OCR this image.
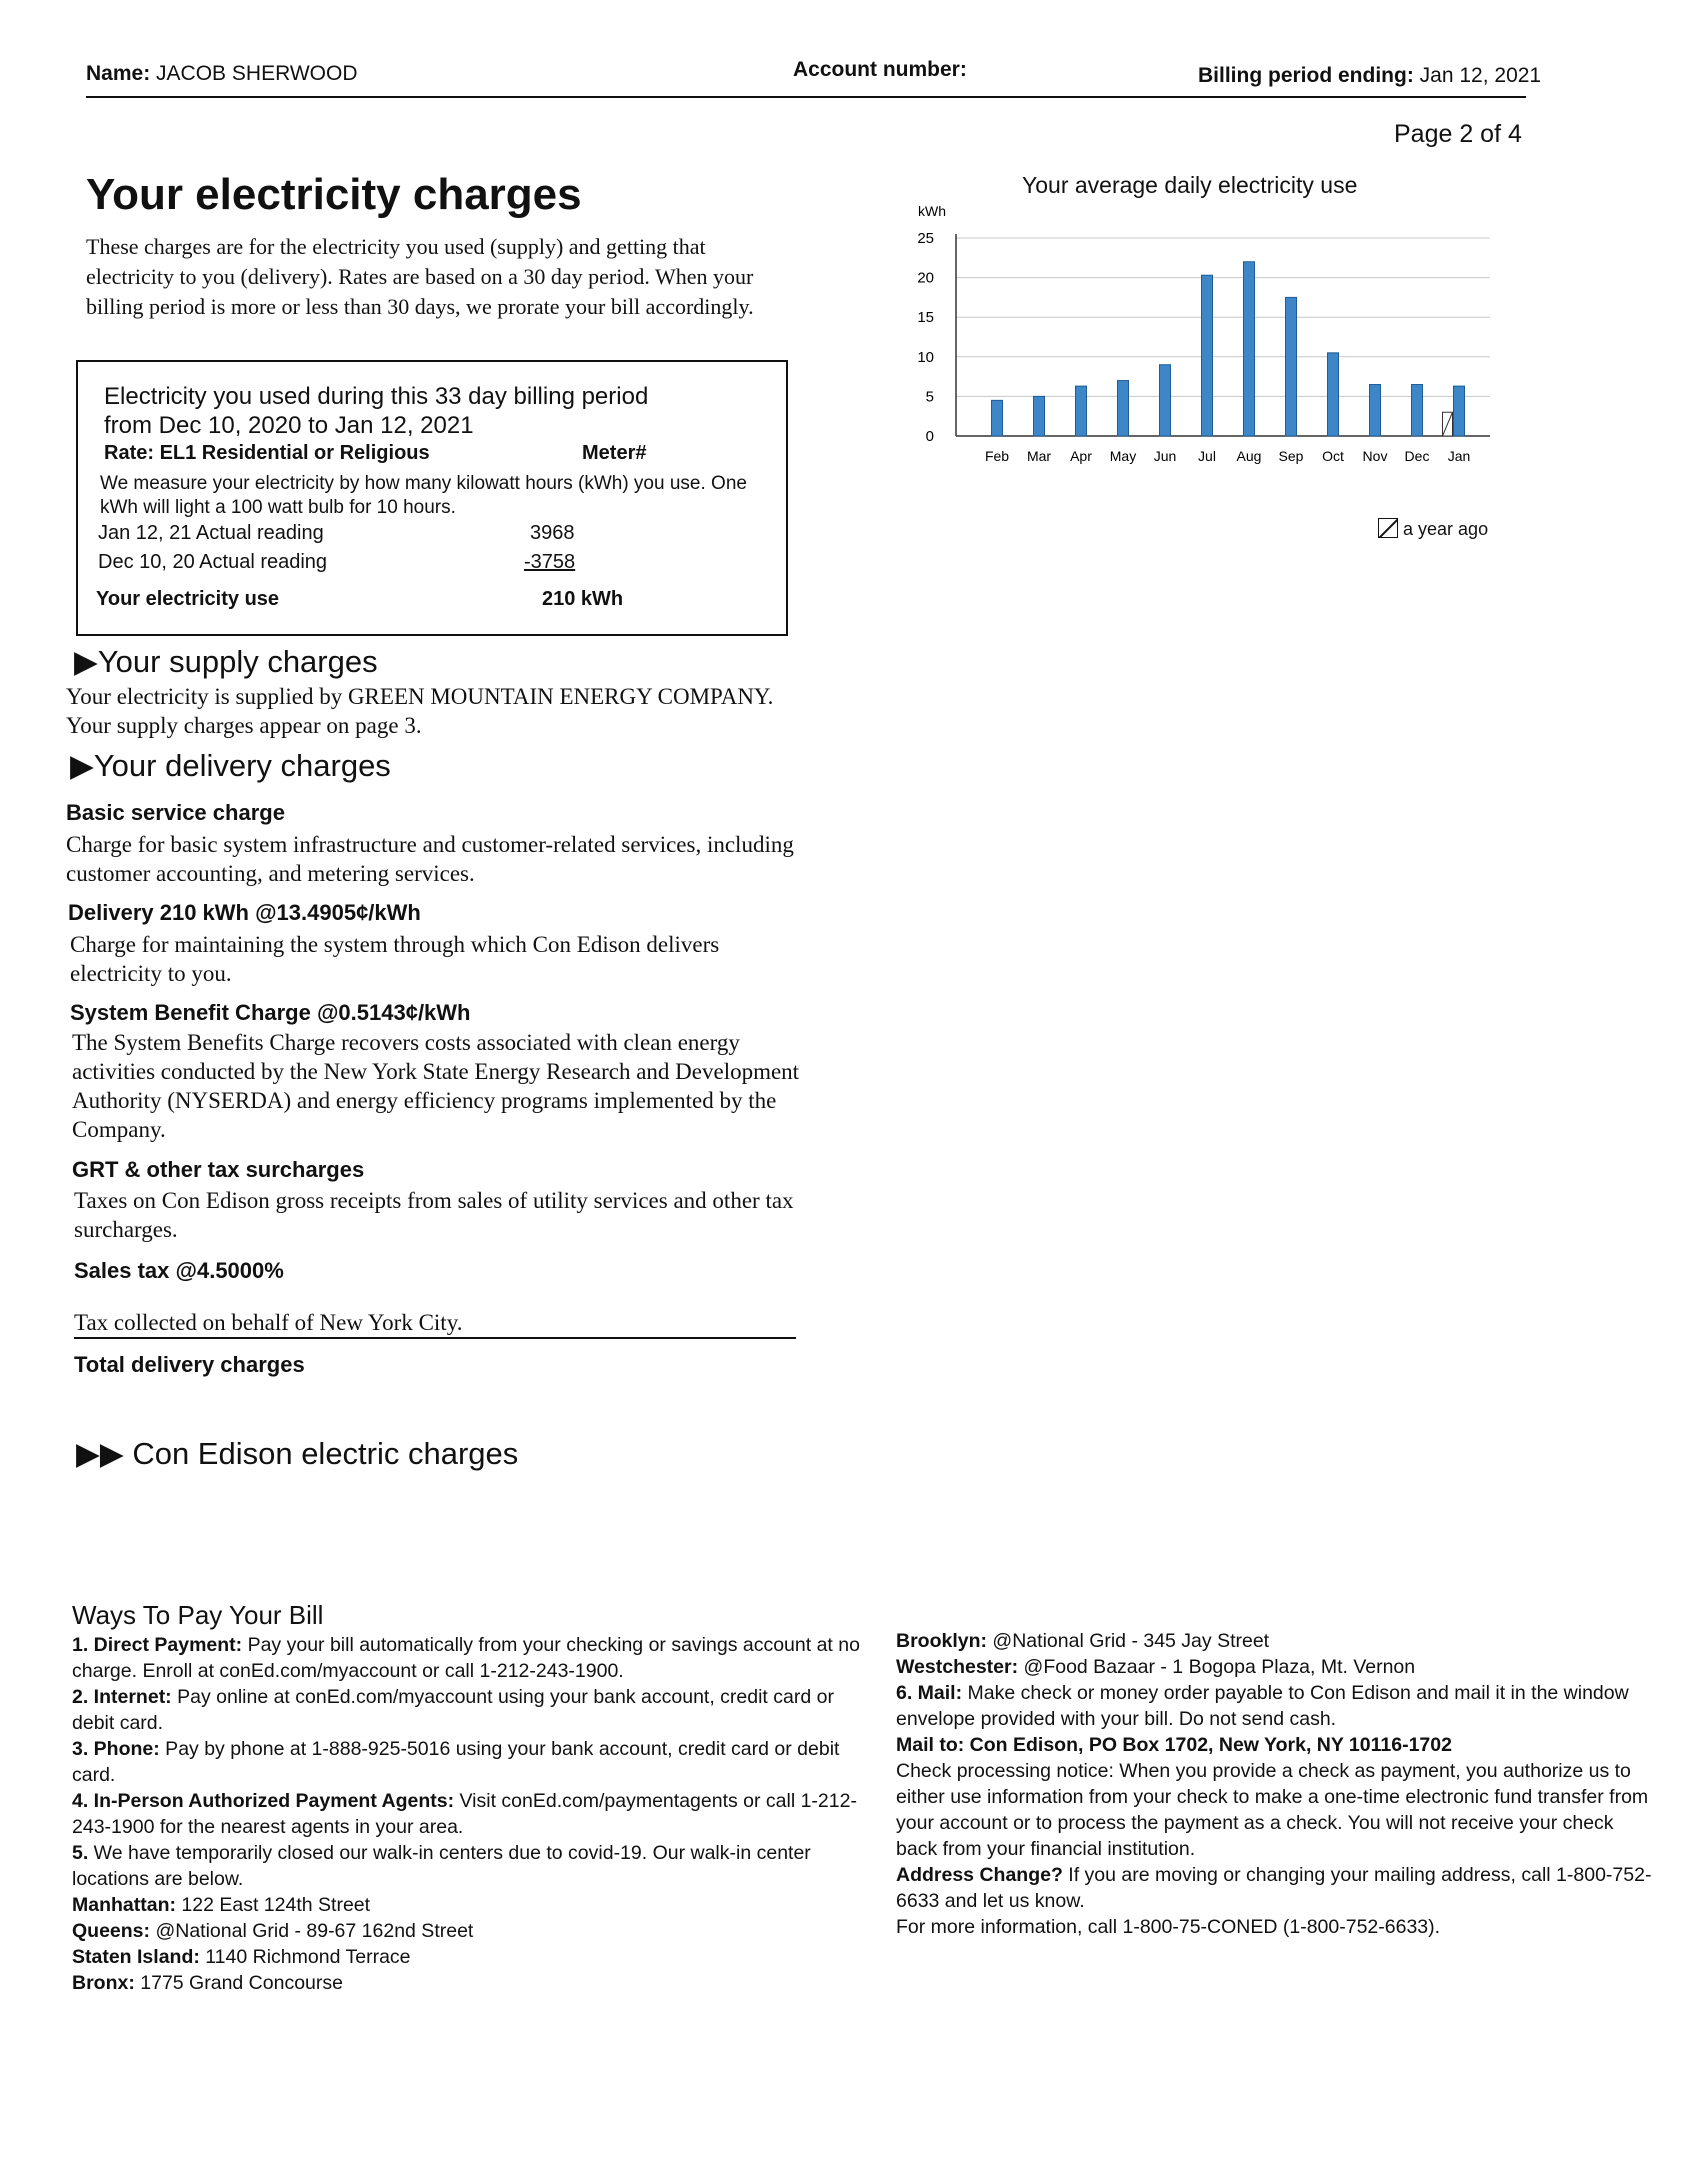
Name: JACOB SHERWOOD	Account number:	Billing period ending: Jan 12, 2021
Page 2 of 4
Your electricity charges
These charges are for the electricity you used (supply) and getting that electricity to you (delivery). Rates are based on a 30 day period. When your billing period is more or less than 30 days, we prorate your bill accordingly.
Electricity you used during this 33 day billing period
from Dec 10, 2020 to Jan 12, 2021
Rate: EL1 Residential or Religious	Meter#
We measure your electricity by how many kilowatt hours (kWh) you use. One kWh will light a 100 watt bulb for 10 hours.
Jan 12, 21 Actual reading	3968
Dec 10, 20 Actual reading	-3758
Your electricity use	210 kWh
▶Your supply charges
Your electricity is supplied by GREEN MOUNTAIN ENERGY COMPANY. Your supply charges appear on page 3.
▶Your delivery charges
Basic service charge
Charge for basic system infrastructure and customer-related services, including customer accounting, and metering services.
Delivery 210 kWh @13.4905¢/kWh
Charge for maintaining the system through which Con Edison delivers electricity to you.
System Benefit Charge @0.5143¢/kWh
The System Benefits Charge recovers costs associated with clean energy activities conducted by the New York State Energy Research and Development Authority (NYSERDA) and energy efficiency programs implemented by the Company.
GRT & other tax surcharges
Taxes on Con Edison gross receipts from sales of utility services and other tax surcharges.
Sales tax @4.5000%
Tax collected on behalf of New York City.
Total delivery charges
▶▶ Con Edison electric charges
Your average daily electricity use
kWh
0
5
10
15
20
25
Feb Mar Apr May Jun Jul Aug Sep Oct Nov Dec Jan
a year ago
Ways To Pay Your Bill
1. Direct Payment: Pay your bill automatically from your checking or savings account at no charge. Enroll at conEd.com/myaccount or call 1-212-243-1900.
2. Internet: Pay online at conEd.com/myaccount using your bank account, credit card or debit card.
3. Phone: Pay by phone at 1-888-925-5016 using your bank account, credit card or debit card.
4. In-Person Authorized Payment Agents: Visit conEd.com/paymentagents or call 1-212-243-1900 for the nearest agents in your area.
5. We have temporarily closed our walk-in centers due to covid-19. Our walk-in center locations are below.
Manhattan: 122 East 124th Street
Queens: @National Grid - 89-67 162nd Street
Staten Island: 1140 Richmond Terrace
Bronx: 1775 Grand Concourse
Brooklyn: @National Grid - 345 Jay Street
Westchester: @Food Bazaar - 1 Bogopa Plaza, Mt. Vernon
6. Mail: Make check or money order payable to Con Edison and mail it in the window envelope provided with your bill. Do not send cash.
Mail to: Con Edison, PO Box 1702, New York, NY 10116-1702
Check processing notice: When you provide a check as payment, you authorize us to either use information from your check to make a one-time electronic fund transfer from your account or to process the payment as a check. You will not receive your check back from your financial institution.
Address Change? If you are moving or changing your mailing address, call 1-800-752-6633 and let us know.
For more information, call 1-800-75-CONED (1-800-752-6633).
